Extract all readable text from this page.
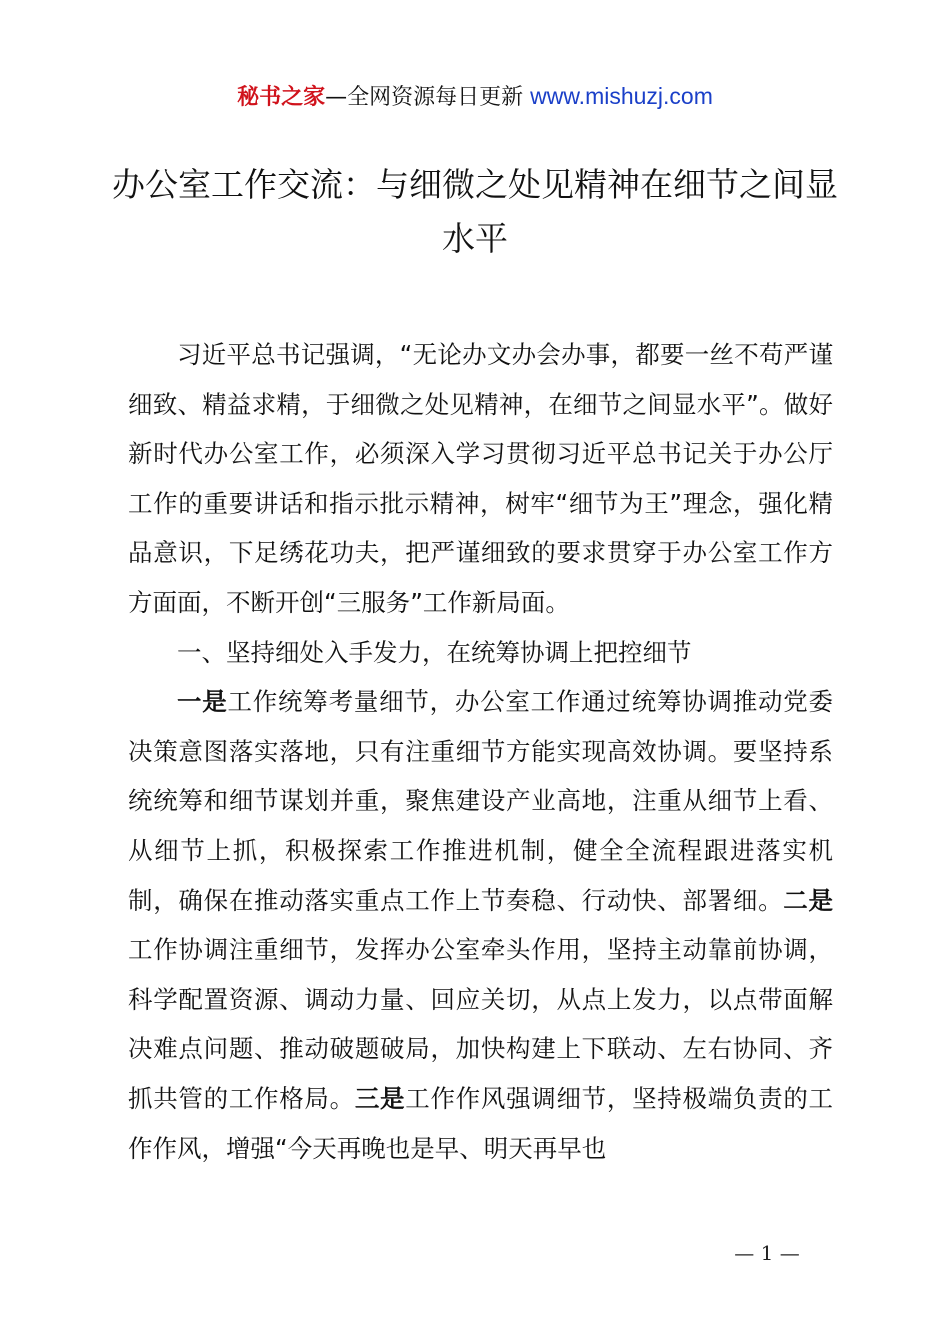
秘书之家—全网资源每日更新 www.mishuzj.com
办公室工作交流：与细微之处见精神在细节之间显水平

习近平总书记强调，“无论办文办会办事，都要一丝不苟严谨细致、精益求精，于细微之处见精神，在细节之间显水平”。做好新时代办公室工作，必须深入学习贯彻习近平总书记关于办公厅工作的重要讲话和指示批示精神，树牢“细节为王”理念，强化精品意识，下足绣花功夫，把严谨细致的要求贯穿于办公室工作方方面面，不断开创“三服务”工作新局面。

一、坚持细处入手发力，在统筹协调上把控细节

一是工作统筹考量细节，办公室工作通过统筹协调推动党委决策意图落实落地，只有注重细节方能实现高效协调。要坚持系统统筹和细节谋划并重，聚焦建设产业高地，注重从细节上看、从细节上抓，积极探索工作推进机制，健全全流程跟进落实机制，确保在推动落实重点工作上节奏稳、行动快、部署细。二是工作协调注重细节，发挥办公室牵头作用，坚持主动靠前协调，科学配置资源、调动力量、回应关切，从点上发力，以点带面解决难点问题、推动破题破局，加快构建上下联动、左右协同、齐抓共管的工作格局。三是工作作风强调细节，坚持极端负责的工作作风，增强“今天再晚也是早、明天再早也

— 1 —
